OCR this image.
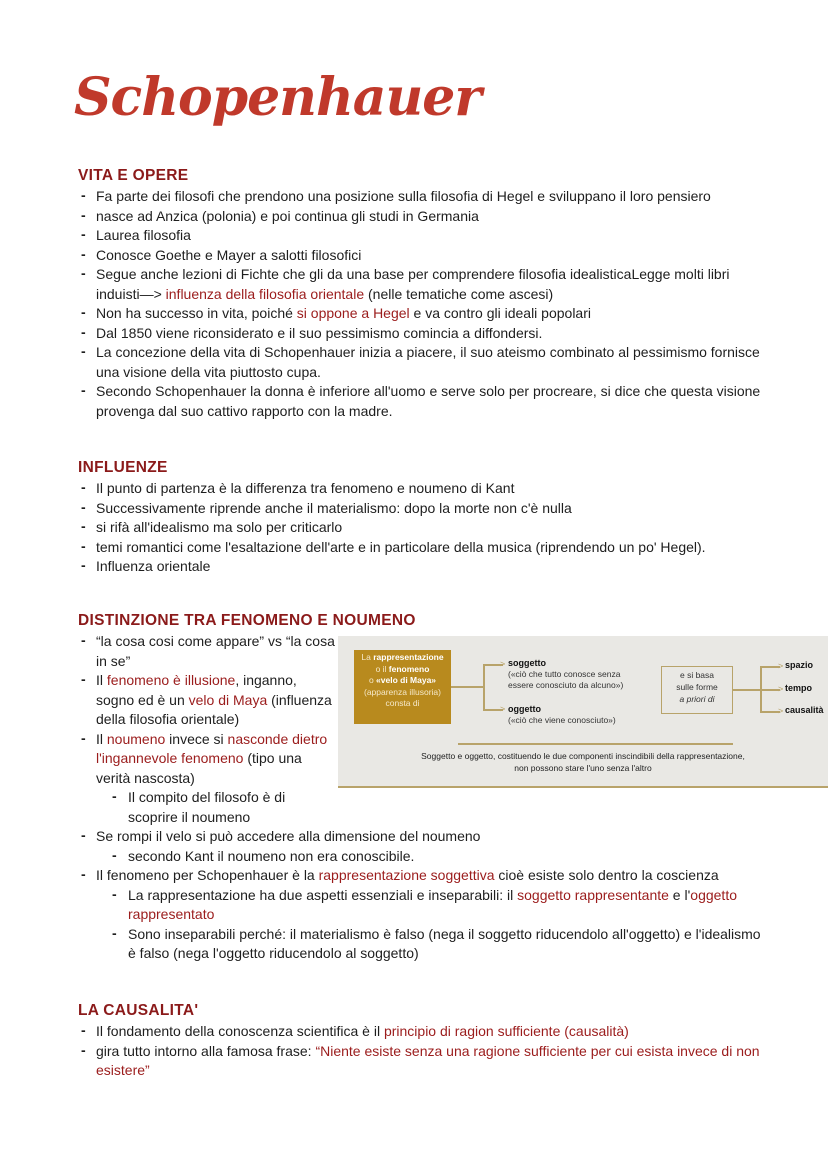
Schopenhauer
VITA E OPERE
- Fa parte dei filosofi che prendono una posizione sulla filosofia di Hegel e sviluppano il loro pensiero
- nasce ad Anzica (polonia) e poi continua gli studi in Germania
- Laurea filosofia
- Conosce Goethe e Mayer a salotti filosofici
- Segue anche lezioni di Fichte che gli da una base per comprendere filosofia idealisticaLegge molti libri induisti—> influenza della filosofia orientale (nelle tematiche come ascesi)
- Non ha successo in vita, poiché si oppone a Hegel e va contro gli ideali popolari
- Dal 1850 viene riconsiderato e il suo pessimismo comincia a diffondersi.
- La concezione della vita di Schopenhauer inizia a piacere, il suo ateismo combinato al pessimismo fornisce una visione della vita piuttosto cupa.
- Secondo Schopenhauer la donna è inferiore all'uomo e serve solo per procreare, si dice che questa visione provenga dal suo cattivo rapporto con la madre.
INFLUENZE
- Il punto di partenza è la differenza tra fenomeno e noumeno di Kant
- Successivamente riprende anche il materialismo: dopo la morte non c'è nulla
- si rifà all'idealismo ma solo per criticarlo
- temi romantici come l'esaltazione dell'arte e in particolare della musica (riprendendo un po' Hegel).
- Influenza orientale
DISTINZIONE TRA FENOMENO E NOUMENO
- “la cosa cosi come appare” vs “la cosa in se”
- Il fenomeno è illusione, inganno, sogno ed è un velo di Maya (influenza della filosofia orientale)
- Il noumeno invece si nasconde dietro l'ingannevole fenomeno (tipo una verità nascosta)
- Il compito del filosofo è di scoprire il noumeno
- Se rompi il velo si può accedere alla dimensione del noumeno
- secondo Kant il noumeno non era conoscibile.
- Il fenomeno per Schopenhauer è la rappresentazione soggettiva cioè esiste solo dentro la coscienza
- La rappresentazione ha due aspetti essenziali e inseparabili: il soggetto rappresentante e l'oggetto rappresentato
- Sono inseparabili perché: il materialismo è falso (nega il soggetto riducendolo all'oggetto) e l'idealismo è falso (nega l'oggetto riducendolo al soggetto)
La rappresentazione
o il fenomeno
o «velo di Maya»
(apparenza illusoria)
consta di
>
>
soggetto
(«ciò che tutto conosce senza essere conosciuto da alcuno»)
oggetto
(«ciò che viene conosciuto»)
e si basa
sulle forme
a priori di
>
>
>
spazio
tempo
causalità
Soggetto e oggetto, costituendo le due componenti inscindibili della rappresentazione, non possono stare l'uno senza l'altro
LA CAUSALITA'
- Il fondamento della conoscenza scientifica è il principio di ragion sufficiente (causalità)
- gira tutto intorno alla famosa frase: “Niente esiste senza una ragione sufficiente per cui esista invece di non esistere”
